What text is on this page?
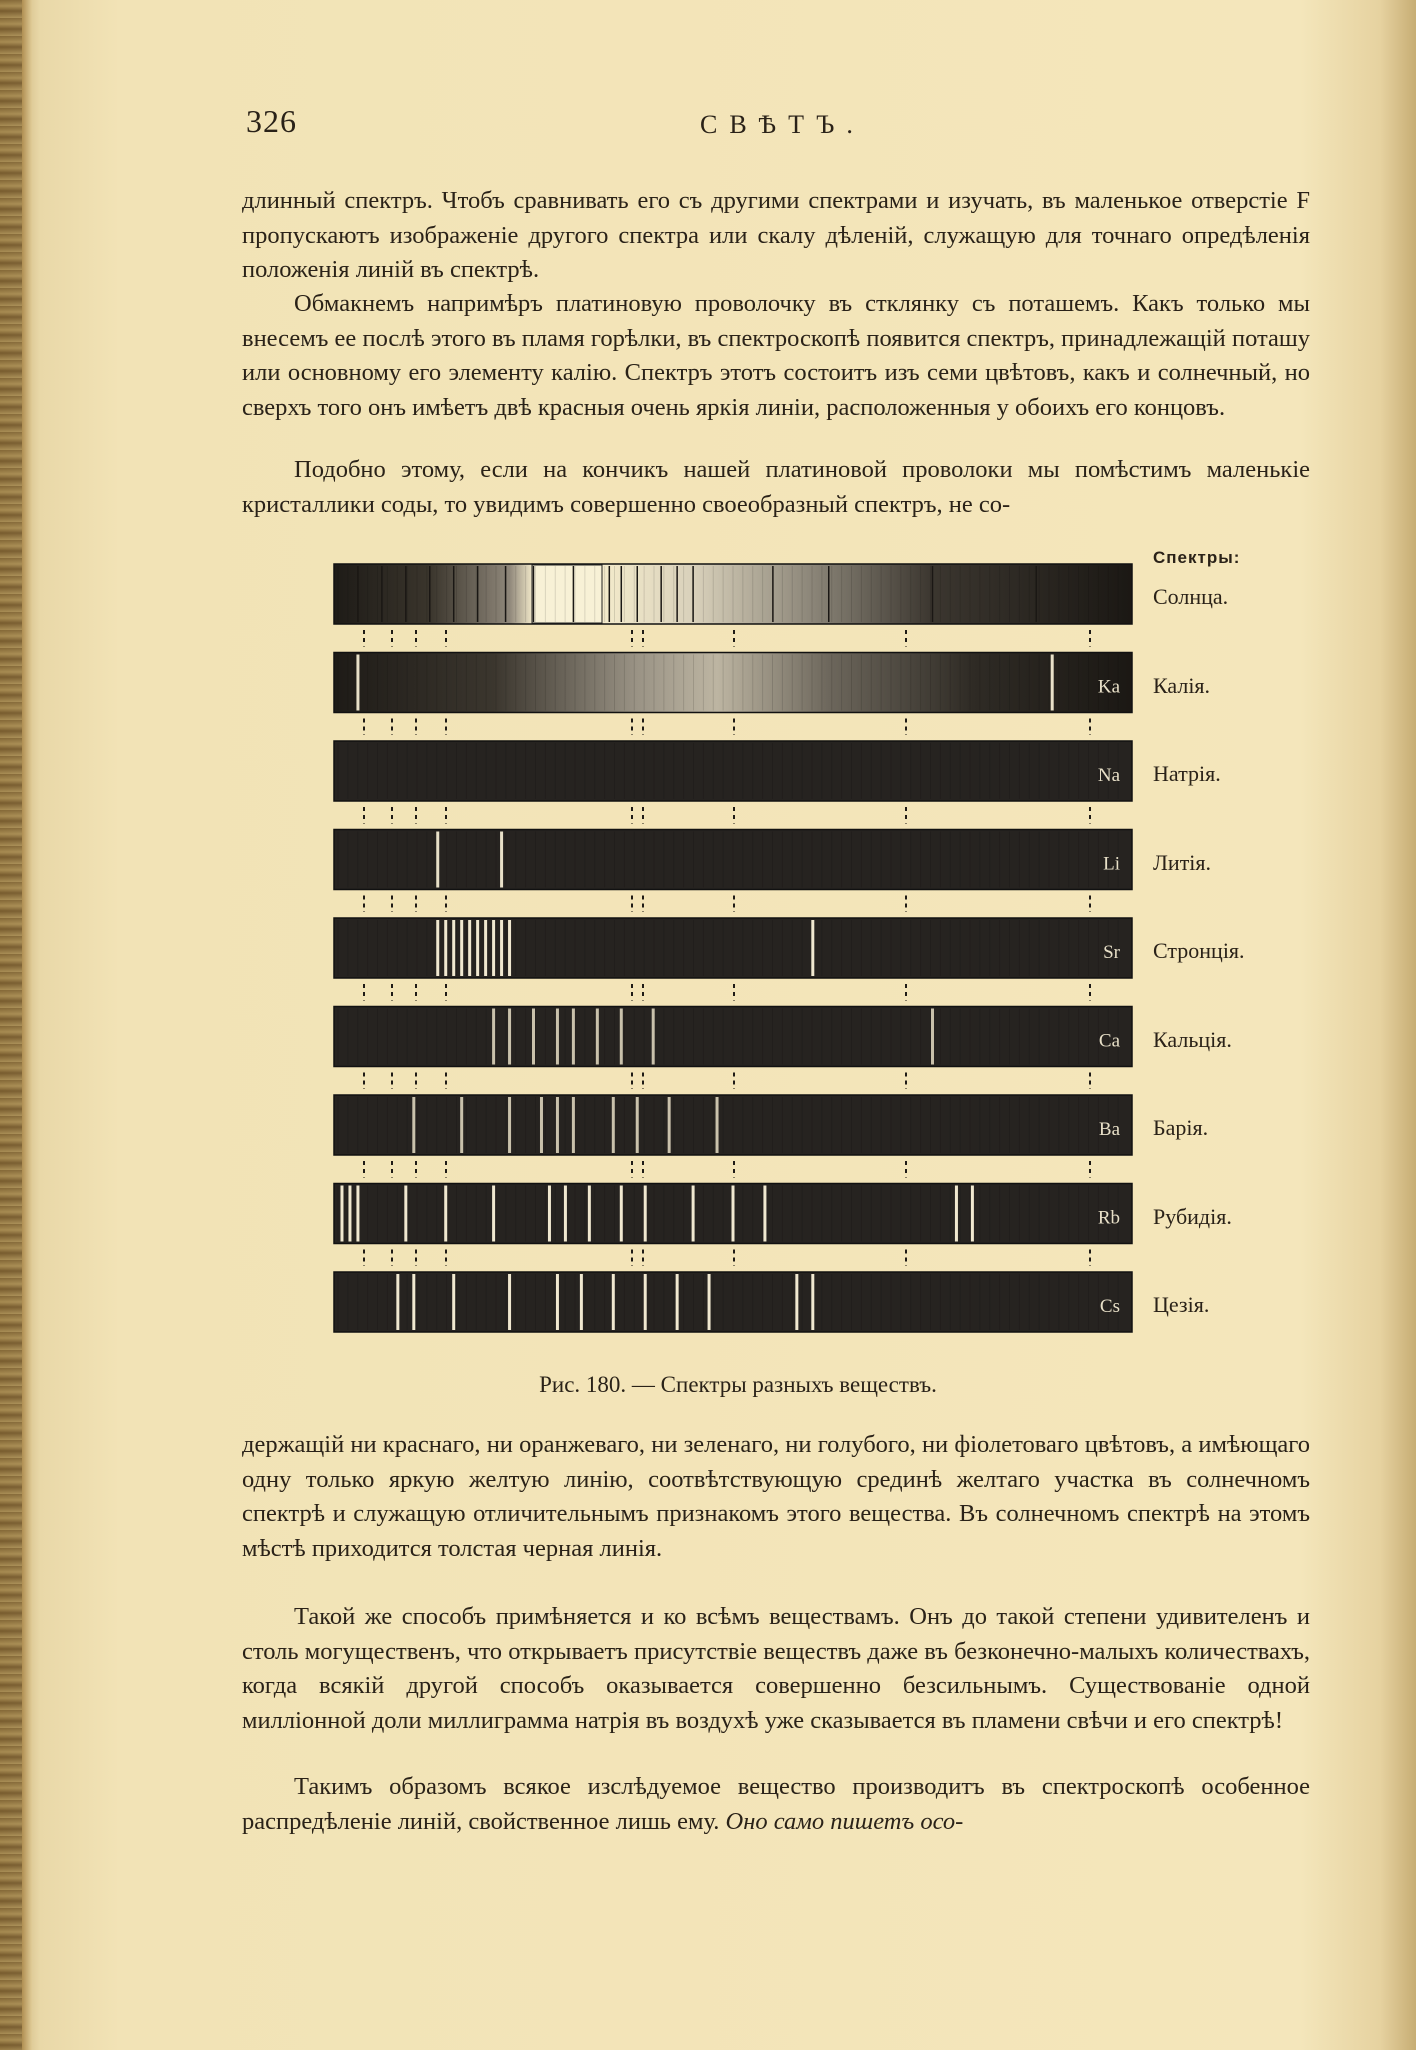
326	СВѢТЪ.

длинный спектръ. Чтобъ сравнивать его съ другими спектрами и изучать, въ маленькое отверстіе F пропускаютъ изображеніе другого спектра или скалу дѣленій, служащую для точнаго опредѣленія положенія линій въ спектрѣ.

Обмакнемъ напримѣръ платиновую проволочку въ стклянку съ поташемъ. Какъ только мы внесемъ ее послѣ этого въ пламя горѣлки, въ спектроскопѣ появится спектръ, принадлежащій поташу или основному его элементу калію. Спектръ этотъ состоитъ изъ семи цвѣтовъ, какъ и солнечный, но сверхъ того онъ имѣетъ двѣ красныя очень яркія линіи, расположенныя у обоихъ его концовъ.

Подобно этому, если на кончикъ нашей платиновой проволоки мы помѣстимъ маленькіе кристаллики соды, то увидимъ совершенно своеобразный спектръ, не со-

Ka
Na
Li
Sr
Ca
Ba
Rb
Cs
Спектры:
Солнца.
Калія.
Натрія.
Литія.
Стронція.
Кальція.
Барія.
Рубидія.
Цезія.
Рис. 180. — Спектры разныхъ веществъ.

держащій ни краснаго, ни оранжеваго, ни зеленаго, ни голубого, ни фіолетоваго цвѣтовъ, а имѣющаго одну только яркую желтую линію, соотвѣтствующую срединѣ желтаго участка въ солнечномъ спектрѣ и служащую отличительнымъ признакомъ этого вещества. Въ солнечномъ спектрѣ на этомъ мѣстѣ приходится толстая черная линія.

Такой же способъ примѣняется и ко всѣмъ веществамъ. Онъ до такой степени удивителенъ и столь могущественъ, что открываетъ присутствіе веществъ даже въ безконечно-малыхъ количествахъ, когда всякій другой способъ оказывается совершенно безсильнымъ. Существованіе одной милліонной доли миллиграмма натрія въ воздухѣ уже сказывается въ пламени свѣчи и его спектрѣ!

Такимъ образомъ всякое изслѣдуемое вещество производитъ въ спектроскопѣ особенное распредѣленіе линій, свойственное лишь ему. Оно само пишетъ осо-
